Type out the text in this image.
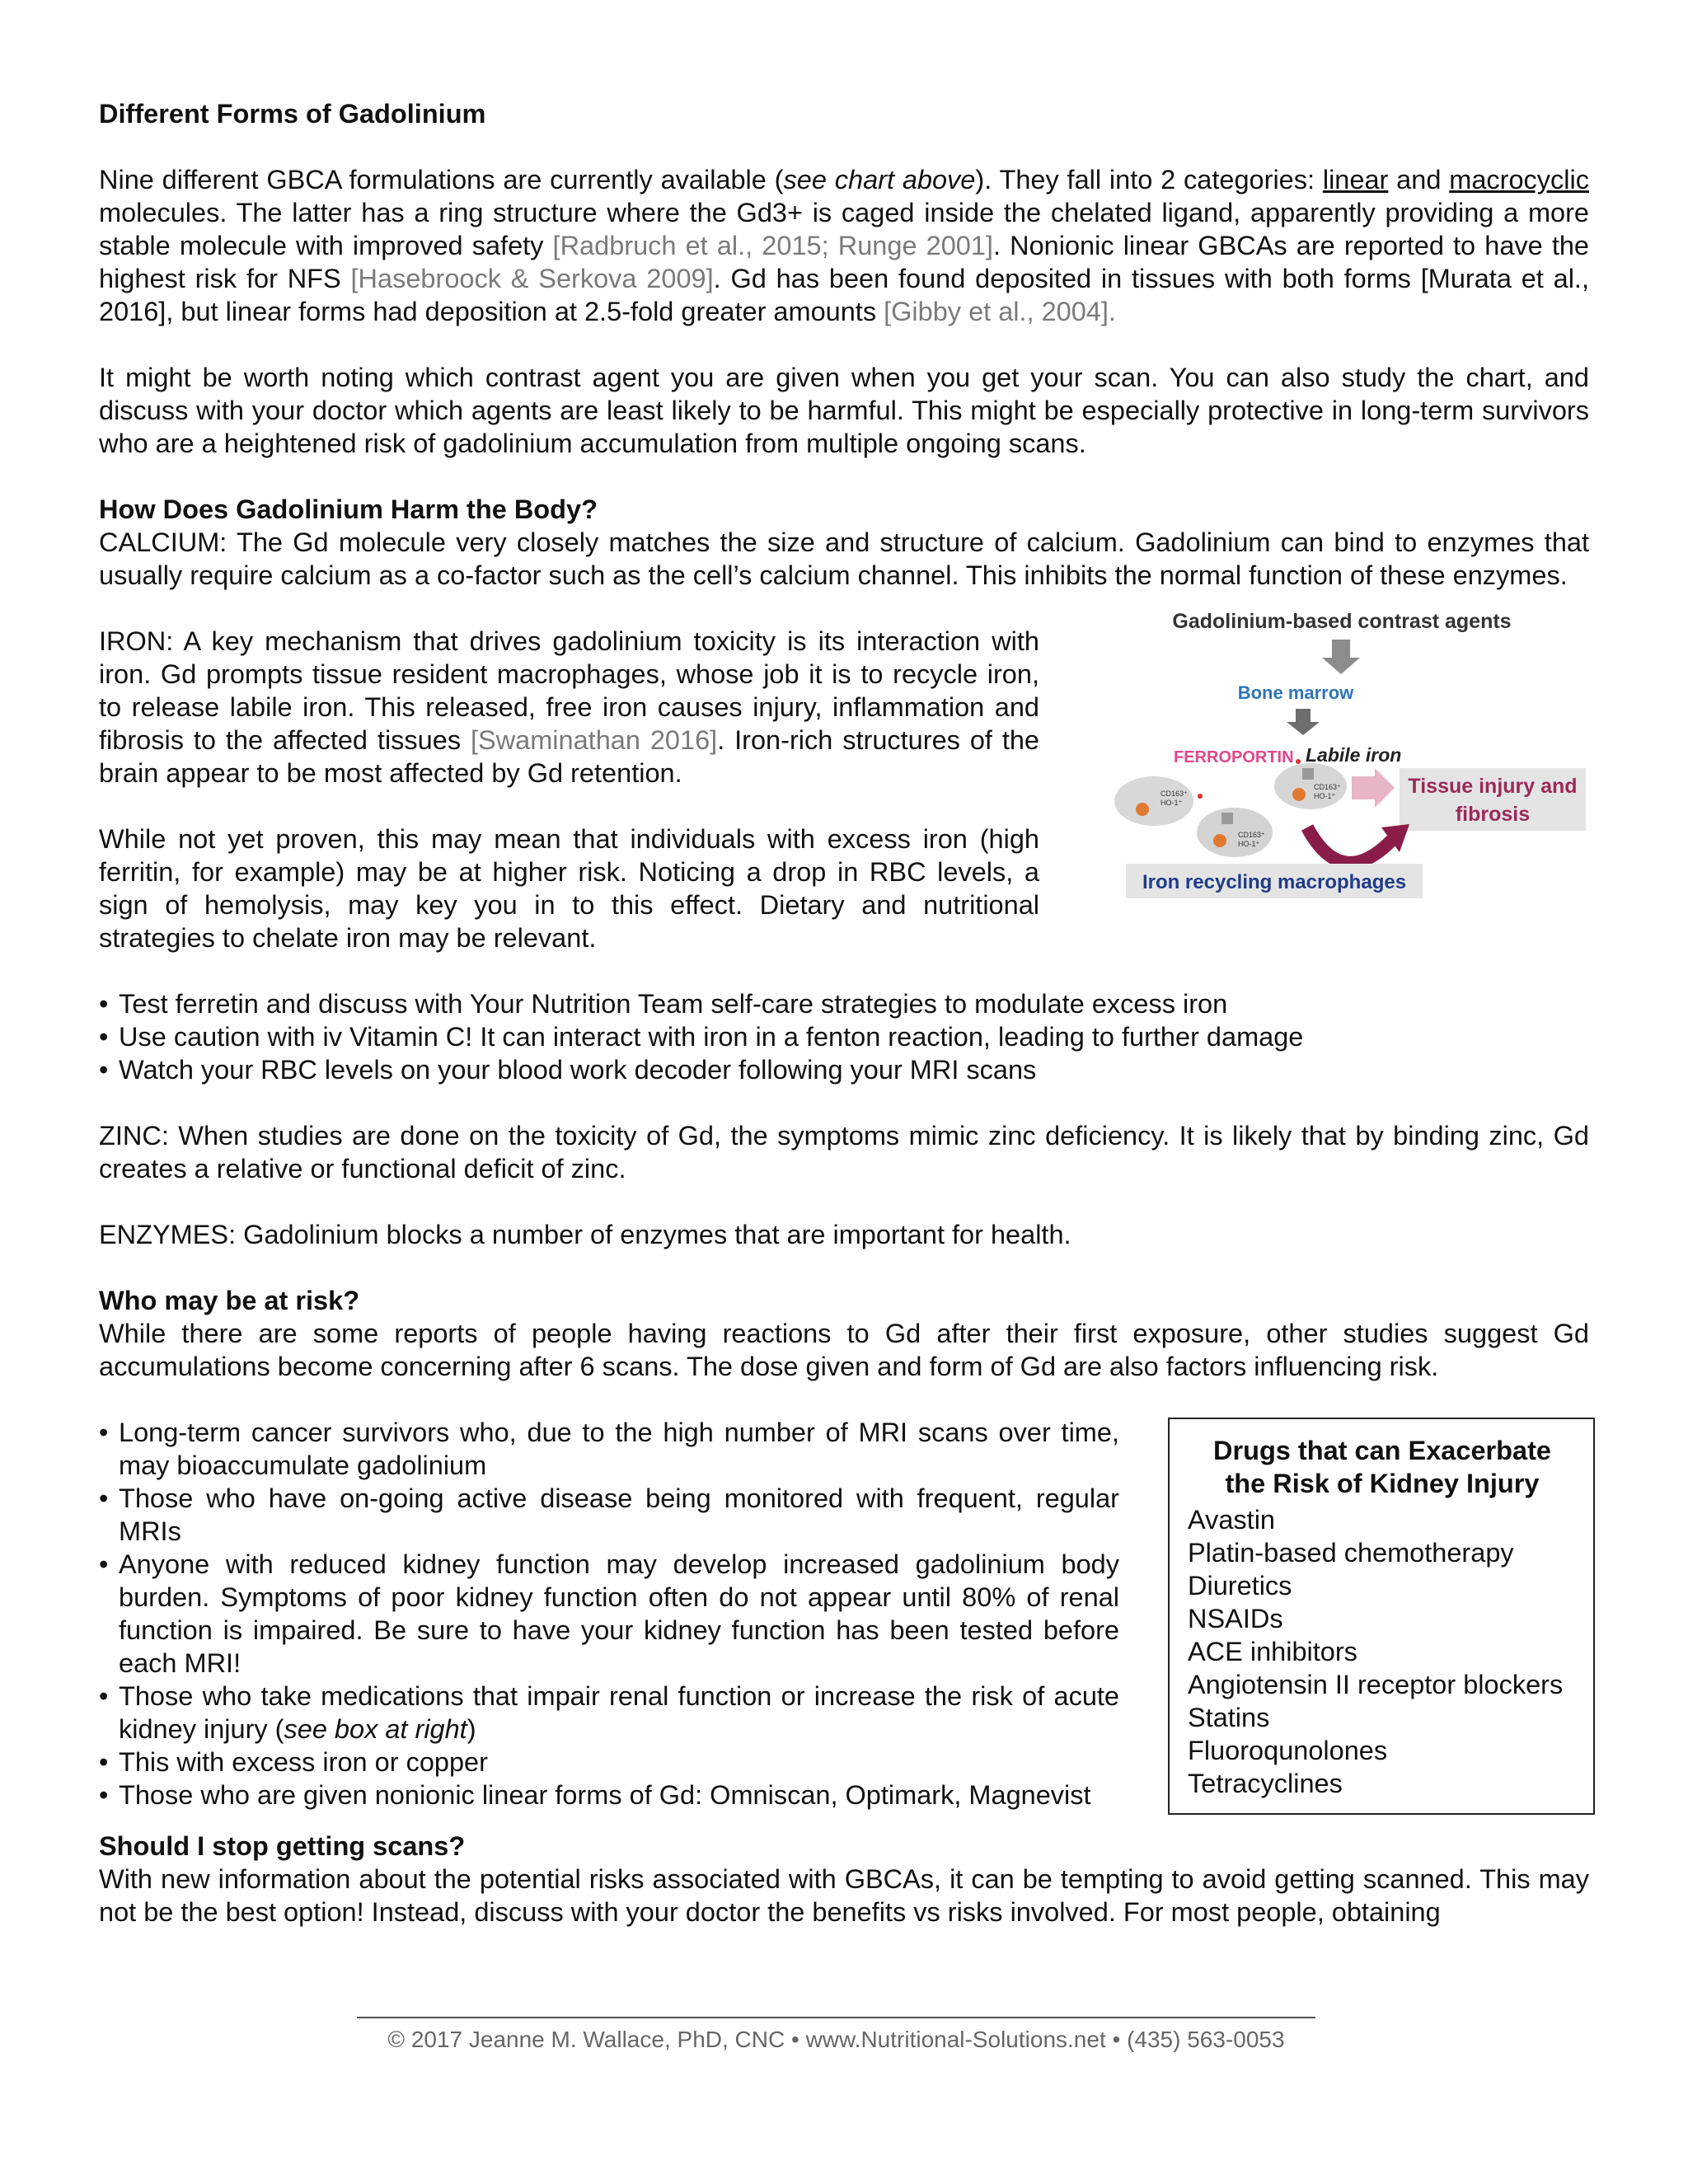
Different Forms of Gadolinium

Nine different GBCA formulations are currently available (see chart above). They fall into 2 categories: linear and macrocyclic molecules. The latter has a ring structure where the Gd3+ is caged inside the chelated ligand, apparently providing a more stable molecule with improved safety [Radbruch et al., 2015; Runge 2001]. Nonionic linear GBCAs are reported to have the highest risk for NFS [Hasebroock & Serkova 2009]. Gd has been found deposited in tissues with both forms [Murata et al., 2016], but linear forms had deposition at 2.5-fold greater amounts [Gibby et al., 2004].

It might be worth noting which contrast agent you are given when you get your scan. You can also study the chart, and discuss with your doctor which agents are least likely to be harmful. This might be especially protective in long-term survivors who are a heightened risk of gadolinium accumulation from multiple ongoing scans.

How Does Gadolinium Harm the Body?

CALCIUM: The Gd molecule very closely matches the size and structure of calcium. Gadolinium can bind to enzymes that usually require calcium as a co-factor such as the cell’s calcium channel. This inhibits the normal function of these enzymes.

IRON: A key mechanism that drives gadolinium toxicity is its interaction with iron. Gd prompts tissue resident macrophages, whose job it is to recycle iron, to release labile iron. This released, free iron causes injury, inflammation and fibrosis to the affected tissues [Swaminathan 2016]. Iron-rich structures of the brain appear to be most affected by Gd retention.

While not yet proven, this may mean that individuals with excess iron (high ferritin, for example) may be at higher risk. Noticing a drop in RBC levels, a sign of hemolysis, may key you in to this effect. Dietary and nutritional strategies to chelate iron may be relevant.

Gadolinium-based contrast agents
Bone marrow
FERROPORTIN Labile iron
CD163⁺
HO-1⁺
CD163⁺
HO-1⁺
CD163⁺
HO-1⁺	Tissue injury and
fibrosis
Iron recycling macrophages
• Test ferretin and discuss with Your Nutrition Team self-care strategies to modulate excess iron
• Use caution with iv Vitamin C! It can interact with iron in a fenton reaction, leading to further damage
• Watch your RBC levels on your blood work decoder following your MRI scans

ZINC: When studies are done on the toxicity of Gd, the symptoms mimic zinc deficiency. It is likely that by binding zinc, Gd creates a relative or functional deficit of zinc.

ENZYMES: Gadolinium blocks a number of enzymes that are important for health.

Who may be at risk?

While there are some reports of people having reactions to Gd after their first exposure, other studies suggest Gd accumulations become concerning after 6 scans. The dose given and form of Gd are also factors influencing risk.

• Long-term cancer survivors who, due to the high number of MRI scans over time, may bioaccumulate gadolinium
• Those who have on-going active disease being monitored with frequent, regular MRIs
• Anyone with reduced kidney function may develop increased gadolinium body burden. Symptoms of poor kidney function often do not appear until 80% of renal function is impaired. Be sure to have your kidney function has been tested before each MRI!
• Those who take medications that impair renal function or increase the risk of acute kidney injury (see box at right)
• This with excess iron or copper
• Those who are given nonionic linear forms of Gd: Omniscan, Optimark, Magnevist
Drugs that can Exacerbate
the Risk of Kidney Injury
Avastin
Platin-based chemotherapy
Diuretics
NSAIDs
ACE inhibitors
Angiotensin II receptor blockers
Statins
Fluoroqunolones
Tetracyclines
Should I stop getting scans?

With new information about the potential risks associated with GBCAs, it can be tempting to avoid getting scanned. This may not be the best option! Instead, discuss with your doctor the benefits vs risks involved. For most people, obtaining

© 2017 Jeanne M. Wallace, PhD, CNC • www.Nutritional-Solutions.net • (435) 563-0053
